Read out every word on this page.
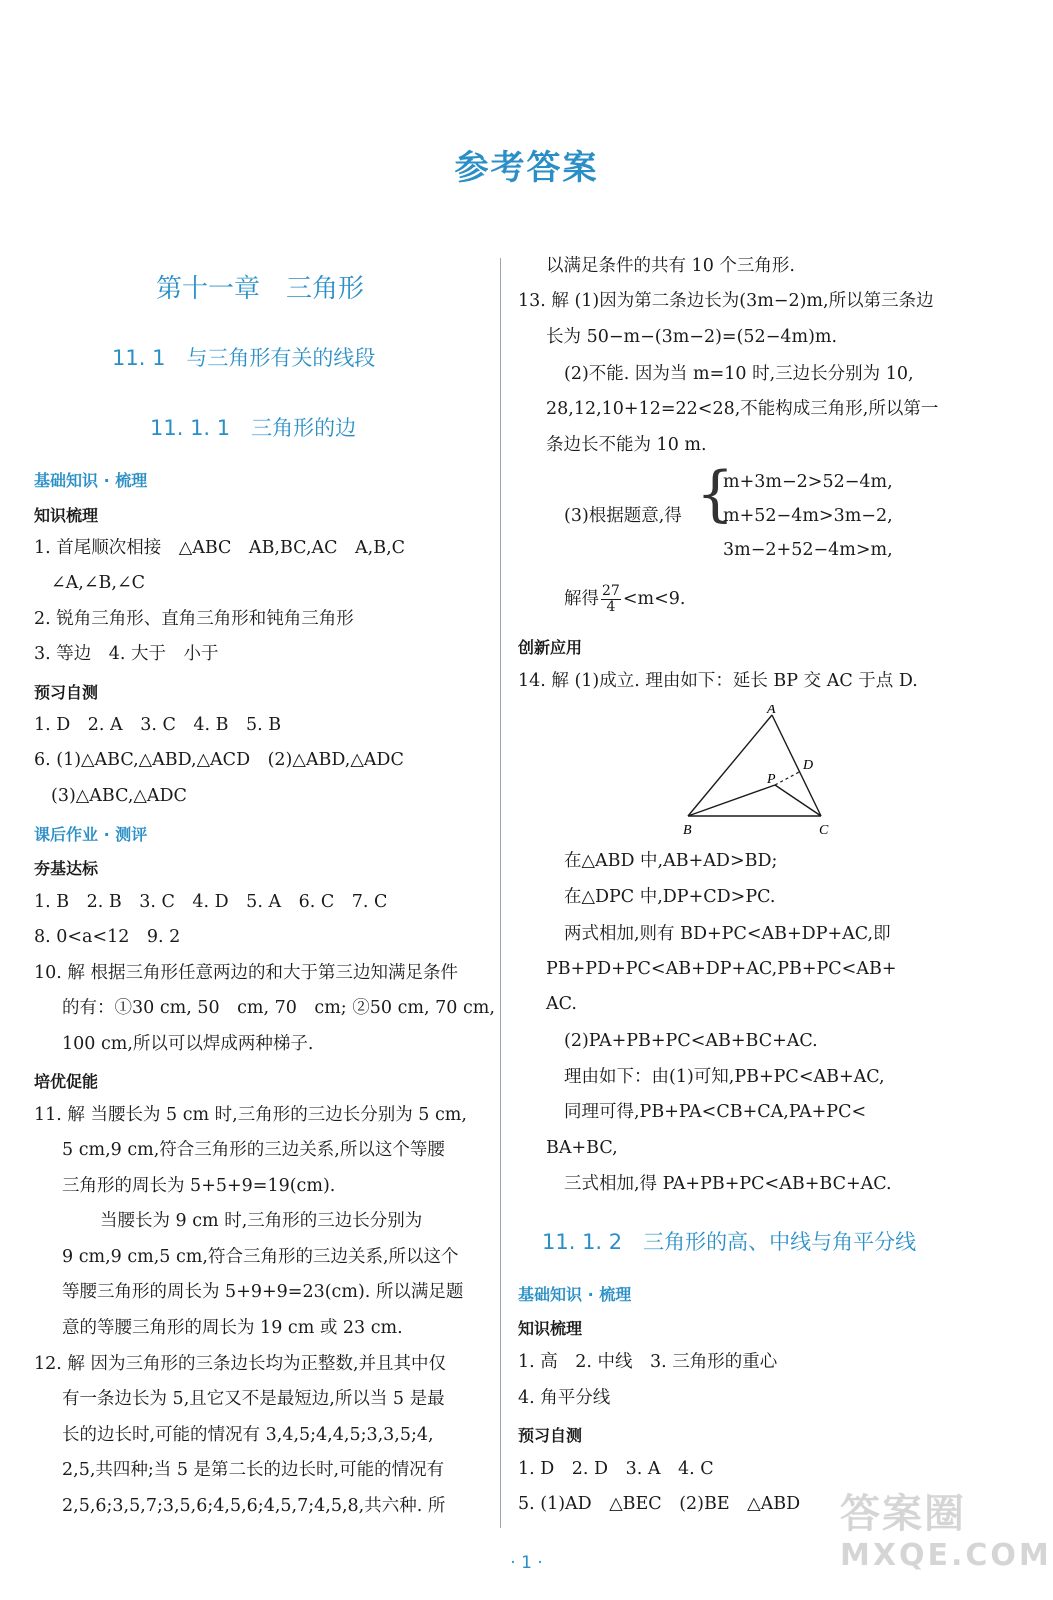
参考答案
第十一章　三角形
11. 1　与三角形有关的线段
11. 1. 1　三角形的边
基础知识 · 梳理
知识梳理
1. 首尾顺次相接　△ABC　AB,BC,AC　A,B,C
∠A,∠B,∠C
2. 锐角三角形、直角三角形和钝角三角形
3. 等边　4. 大于　小于
预习自测
1. D　2. A　3. C　4. B　5. B
6. (1)△ABC,△ABD,△ACD　(2)△ABD,△ADC
(3)△ABC,△ADC
课后作业 · 测评
夯基达标
1. B　2. B　3. C　4. D　5. A　6. C　7. C
8. 0<a<12　9. 2
10. 解 根据三角形任意两边的和大于第三边知满足条件
的有：①30 cm, 50　cm, 70　cm; ②50 cm, 70 cm,
100 cm,所以可以焊成两种梯子.
培优促能
11. 解 当腰长为 5 cm 时,三角形的三边长分别为 5 cm,
5 cm,9 cm,符合三角形的三边关系,所以这个等腰
三角形的周长为 5+5+9=19(cm).
当腰长为 9 cm 时,三角形的三边长分别为
9 cm,9 cm,5 cm,符合三角形的三边关系,所以这个
等腰三角形的周长为 5+9+9=23(cm). 所以满足题
意的等腰三角形的周长为 19 cm 或 23 cm.
12. 解 因为三角形的三条边长均为正整数,并且其中仅
有一条边长为 5,且它又不是最短边,所以当 5 是最
长的边长时,可能的情况有 3,4,5;4,4,5;3,3,5;4,
2,5,共四种;当 5 是第二长的边长时,可能的情况有
2,5,6;3,5,7;3,5,6;4,5,6;4,5,7;4,5,8,共六种. 所
以满足条件的共有 10 个三角形.
13. 解 (1)因为第二条边长为(3m−2)m,所以第三条边
长为 50−m−(3m−2)=(52−4m)m.
(2)不能. 因为当 m=10 时,三边长分别为 10,
28,12,10+12=22<28,不能构成三角形,所以第一
条边长不能为 10 m.
(3)根据题意,得 {
m+3m−2>52−4m,
m+52−4m>3m−2,
3m−2+52−4m>m,
解得 $\frac{27}{4} <m<9$.
创新应用
14. 解 (1)成立. 理由如下：延长 BP 交 AC 于点 D.
A
B	C
D
P
在△ABD 中,AB+AD>BD;
在△DPC 中,DP+CD>PC.
两式相加,则有 BD+PC<AB+DP+AC,即
PB+PD+PC<AB+DP+AC,PB+PC<AB+
AC.
(2)PA+PB+PC<AB+BC+AC.
理由如下：由(1)可知,PB+PC<AB+AC,
同理可得,PB+PA<CB+CA,PA+PC<
BA+BC,
三式相加,得 PA+PB+PC<AB+BC+AC.
11. 1. 2　三角形的高、中线与角平分线
基础知识 · 梳理
知识梳理
1. 高　2. 中线　3. 三角形的重心
4. 角平分线
预习自测
1. D　2. D　3. A　4. C
5. (1)AD　△BEC　(2)BE　△ABD
· 1 ·
答案圈
MXQE.COM
